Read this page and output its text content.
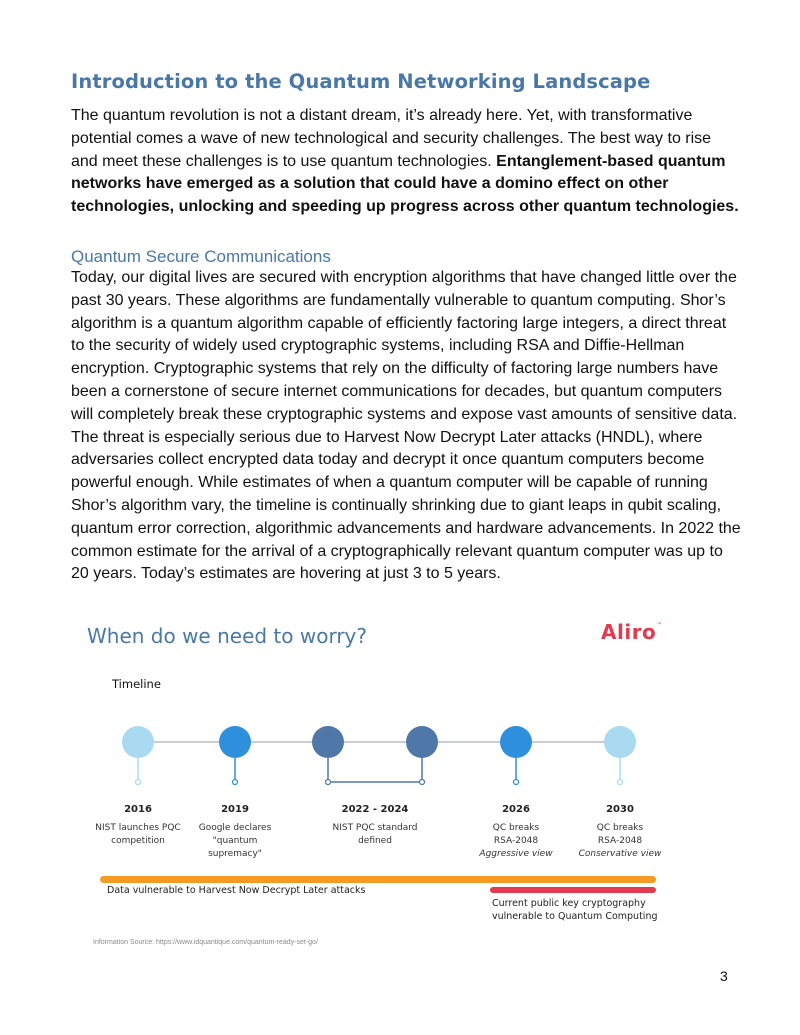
Introduction to the Quantum Networking Landscape

The quantum revolution is not a distant dream, it’s already here. Yet, with transformative potential comes a wave of new technological and security challenges. The best way to rise and meet these challenges is to use quantum technologies. Entanglement-based quantum networks have emerged as a solution that could have a domino effect on other technologies, unlocking and speeding up progress across other quantum technologies.

Quantum Secure Communications

Today, our digital lives are secured with encryption algorithms that have changed little over the past 30 years. These algorithms are fundamentally vulnerable to quantum computing. Shor’s algorithm is a quantum algorithm capable of efficiently factoring large integers, a direct threat to the security of widely used cryptographic systems, including RSA and Diffie-Hellman encryption. Cryptographic systems that rely on the difficulty of factoring large numbers have been a cornerstone of secure internet communications for decades, but quantum computers will completely break these cryptographic systems and expose vast amounts of sensitive data. The threat is especially serious due to Harvest Now Decrypt Later attacks (HNDL), where adversaries collect encrypted data today and decrypt it once quantum computers become powerful enough. While estimates of when a quantum computer will be capable of running Shor’s algorithm vary, the timeline is continually shrinking due to giant leaps in qubit scaling, quantum error correction, algorithmic advancements and hardware advancements. In 2022 the common estimate for the arrival of a cryptographically relevant quantum computer was up to 20 years. Today’s estimates are hovering at just 3 to 5 years.

When do we need to worry?	Aliro™
Timeline
2016
NIST launches PQC
competition
2019
Google declares
"quantum
supremacy"
2022 - 2024
NIST PQC standard
defined
2026
QC breaks
RSA-2048
Aggressive view
2030
QC breaks
RSA-2048
Conservative view
Data vulnerable to Harvest Now Decrypt Later attacks
Current public key cryptography vulnerable to Quantum Computing
Information Source: https://www.idquantique.com/quantum-ready-set-go/
3
